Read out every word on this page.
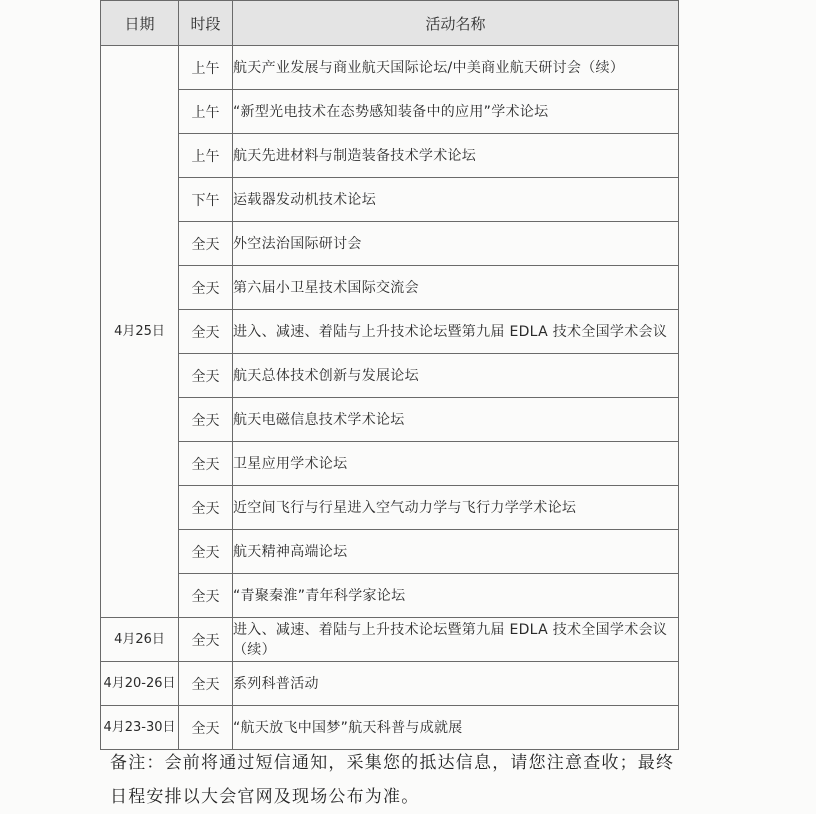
日期	时段	活动名称
4月25日	上午	航天产业发展与商业航天国际论坛/中美商业航天研讨会（续）
	上午	“新型光电技术在态势感知装备中的应用”学术论坛
	上午	航天先进材料与制造装备技术学术论坛
	下午	运载器发动机技术论坛
	全天	外空法治国际研讨会
	全天	第六届小卫星技术国际交流会
	全天	进入、减速、着陆与上升技术论坛暨第九届 EDLA 技术全国学术会议
	全天	航天总体技术创新与发展论坛
	全天	航天电磁信息技术学术论坛
	全天	卫星应用学术论坛
	全天	近空间飞行与行星进入空气动力学与飞行力学学术论坛
	全天	航天精神高端论坛
	全天	“青聚秦淮”青年科学家论坛
4月26日	全天	进入、减速、着陆与上升技术论坛暨第九届 EDLA 技术全国学术会议（续）
4月20-26日	全天	系列科普活动
4月23-30日	全天	“航天放飞中国梦”航天科普与成就展
备注：会前将通过短信通知，采集您的抵达信息，请您注意查收；最终日程安排以大会官网及现场公布为准。
